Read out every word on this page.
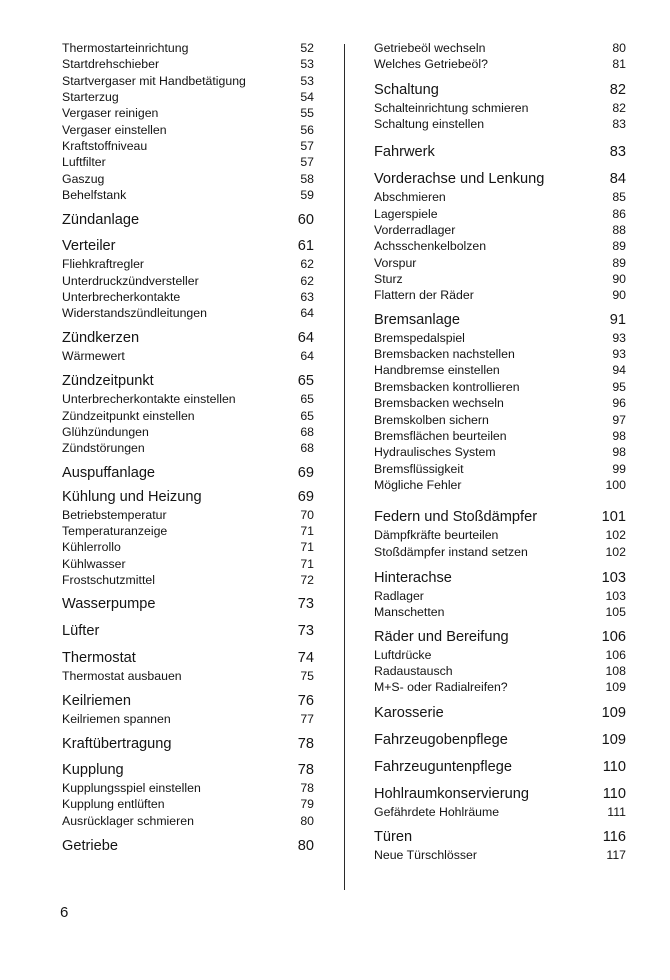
Thermostarteinrichtung	52
Startdrehschieber	53
Startvergaser mit Handbetätigung	53
Starterzug	54
Vergaser reinigen	55
Vergaser einstellen	56
Kraftstoffniveau	57
Luftfilter	57
Gaszug	58
Behelfstank	59
Zündanlage	60
Verteiler	61
Fliehkraftregler	62
Unterdruckzündversteller	62
Unterbrecherkontakte	63
Widerstandszündleitungen	64
Zündkerzen	64
Wärmewert	64
Zündzeitpunkt	65
Unterbrecherkontakte einstellen	65
Zündzeitpunkt einstellen	65
Glühzündungen	68
Zündstörungen	68
Auspuffanlage	69
Kühlung und Heizung	69
Betriebstemperatur	70
Temperaturanzeige	71
Kühlerrollo	71
Kühlwasser	71
Frostschutzmittel	72
Wasserpumpe	73
Lüfter	73
Thermostat	74
Thermostat ausbauen	75
Keilriemen	76
Keilriemen spannen	77
Kraftübertragung	78
Kupplung	78
Kupplungsspiel einstellen	78
Kupplung entlüften	79
Ausrücklager schmieren	80
Getriebe	80
Getriebeöl wechseln	80
Welches Getriebeöl?	81
Schaltung	82
Schalteinrichtung schmieren	82
Schaltung einstellen	83
Fahrwerk	83
Vorderachse und Lenkung	84
Abschmieren	85
Lagerspiele	86
Vorderradlager	88
Achsschenkelbolzen	89
Vorspur	89
Sturz	90
Flattern der Räder	90
Bremsanlage	91
Bremspedalspiel	93
Bremsbacken nachstellen	93
Handbremse einstellen	94
Bremsbacken kontrollieren	95
Bremsbacken wechseln	96
Bremskolben sichern	97
Bremsflächen beurteilen	98
Hydraulisches System	98
Bremsflüssigkeit	99
Mögliche Fehler	100
Federn und Stoßdämpfer	101
Dämpfkräfte beurteilen	102
Stoßdämpfer instand setzen	102
Hinterachse	103
Radlager	103
Manschetten	105
Räder und Bereifung	106
Luftdrücke	106
Radaustausch	108
M+S- oder Radialreifen?	109
Karosserie	109
Fahrzeugobenpflege	109
Fahrzeuguntenpflege	110
Hohlraumkonservierung	110
Gefährdete Hohlräume	111
Türen	116
Neue Türschlösser	117
6
